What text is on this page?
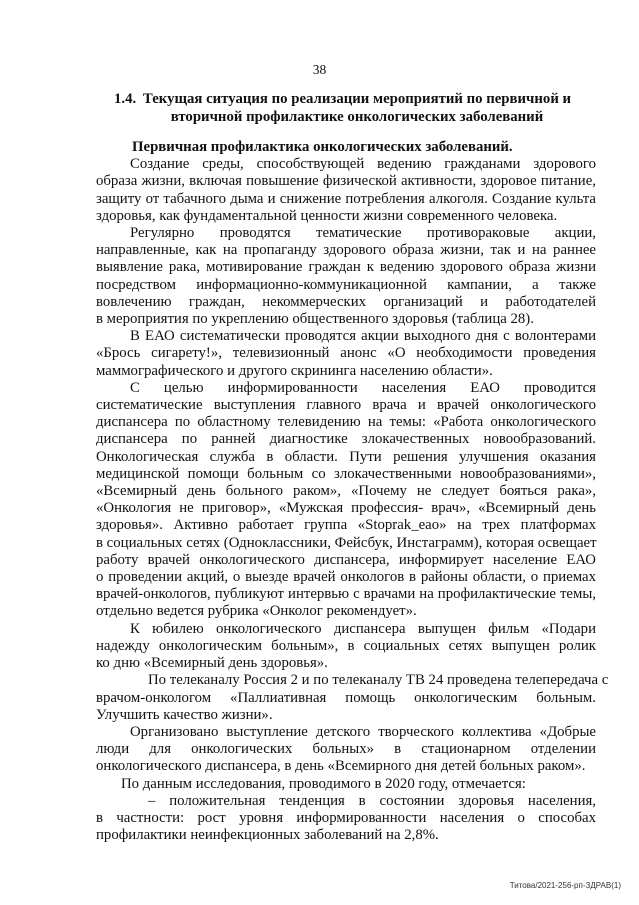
38
1.4. Текущая ситуация по реализации мероприятий по первичной и
вторичной профилактике онкологических заболеваний

Первичная профилактика онкологических заболеваний.

Создание среды, способствующей ведению гражданами здорового
образа жизни, включая повышение физической активности, здоровое питание,
защиту от табачного дыма и снижение потребления алкоголя. Создание культа
здоровья, как фундаментальной ценности жизни современного человека.

Регулярно проводятся тематические противораковые акции,
направленные, как на пропаганду здорового образа жизни, так и на раннее
выявление рака, мотивирование граждан к ведению здорового образа жизни
посредством информационно-коммуникационной кампании, а также
вовлечению граждан, некоммерческих организаций и работодателей
в мероприятия по укреплению общественного здоровья (таблица 28).

В ЕАО систематически проводятся акции выходного дня с волонтерами
«Брось сигарету!», телевизионный анонс «О необходимости проведения
маммографического и другого скрининга населению области».

С целью информированности населения ЕАО проводится
систематические выступления главного врача и врачей онкологического
диспансера по областному телевидению на темы: «Работа онкологического
диспансера по ранней диагностике злокачественных новообразований.
Онкологическая служба в области. Пути решения улучшения оказания
медицинской помощи больным со злокачественными новообразованиями»,
«Всемирный день больного раком», «Почему не следует бояться рака»,
«Онкология не приговор», «Мужская профессия- врач», «Всемирный день
здоровья». Активно работает группа «Stoprak_eao» на трех платформах
в социальных сетях (Одноклассники, Фейсбук, Инстаграмм), которая освещает
работу врачей онкологического диспансера, информирует население ЕАО
о проведении акций, о выезде врачей онкологов в районы области, о приемах
врачей-онкологов, публикуют интервью с врачами на профилактические темы,
отдельно ведется рубрика «Онколог рекомендует».

К юбилею онкологического диспансера выпущен фильм «Подари
надежду онкологическим больным», в социальных сетях выпущен ролик
ко дню «Всемирный день здоровья».

По телеканалу Россия 2 и по телеканалу ТВ 24 проведена телепередача с
врачом-онкологом «Паллиативная помощь онкологическим больным.
Улучшить качество жизни».

Организовано выступление детского творческого коллектива «Добрые
люди для онкологических больных» в стационарном отделении
онкологического диспансера, в день «Всемирного дня детей больных раком».

По данным исследования, проводимого в 2020 году, отмечается:
– положительная тенденция в состоянии здоровья населения,
в частности: рост уровня информированности населения о способах
профилактики неинфекционных заболеваний на 2,8%.

Титова/2021-256-рп-ЗДРАВ(1)
